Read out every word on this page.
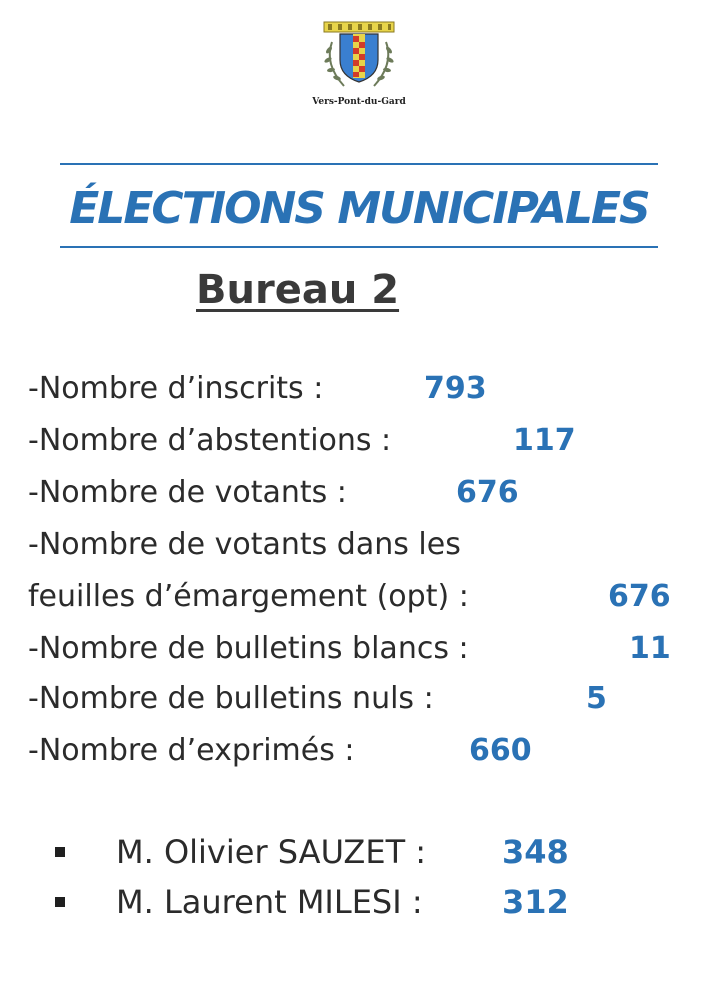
Vers-Pont-du-Gard
ÉLECTIONS MUNICIPALES
Bureau 2
-Nombre d’inscrits :	793
-Nombre d’abstentions :	117
-Nombre de votants :	676
-Nombre de votants dans les
feuilles d’émargement (opt) :	676
-Nombre de bulletins blancs :	11
-Nombre de bulletins nuls :	5
-Nombre d’exprimés :	660
M. Olivier SAUZET : 348
M. Laurent MILESI : 312
